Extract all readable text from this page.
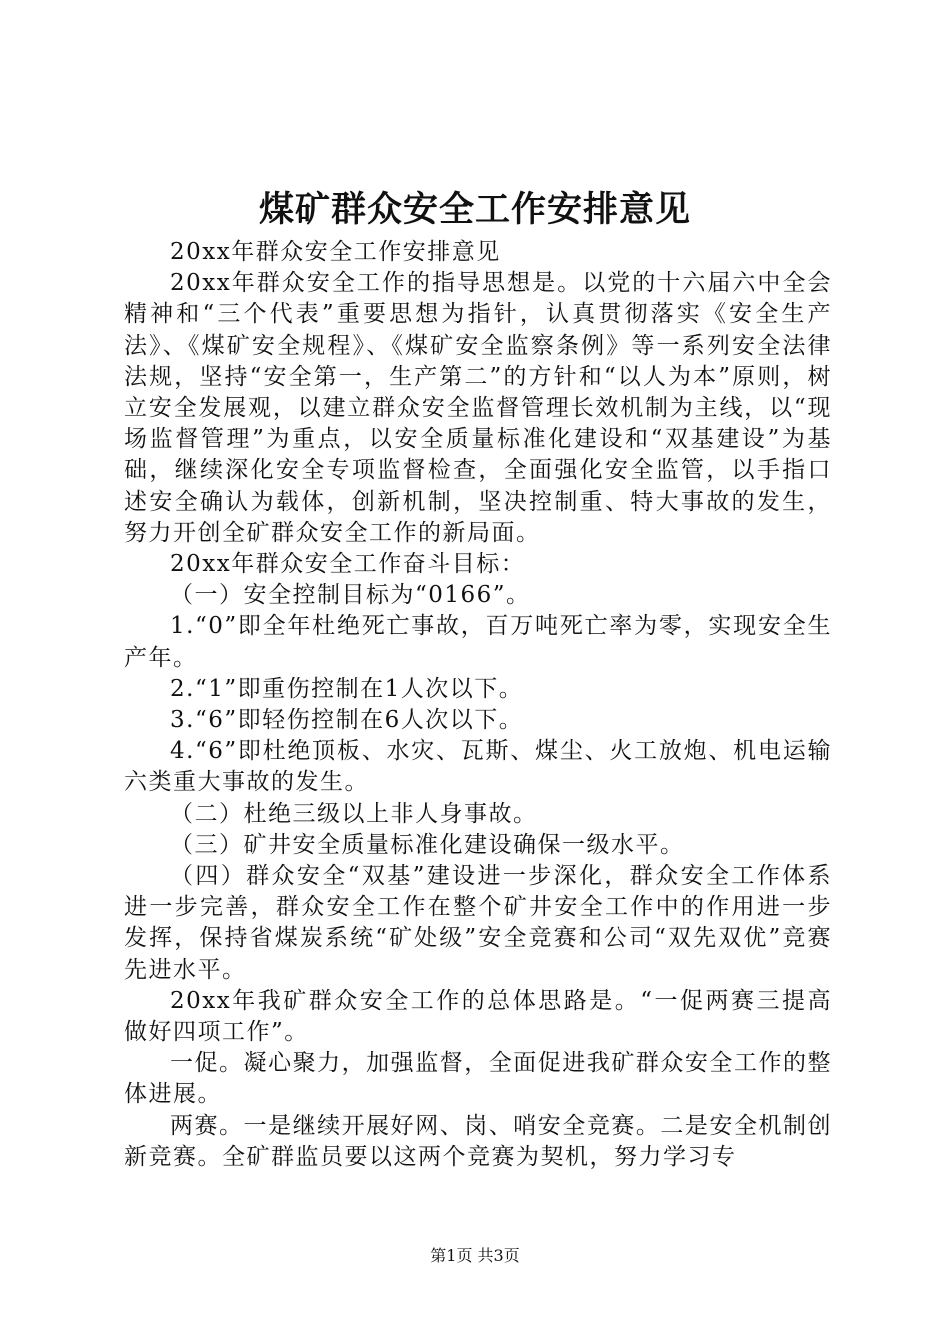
煤矿群众安全工作安排意见

20xx年群众安全工作安排意见

20xx年群众安全工作的指导思想是。以党的十六届六中全会精神和“三个代表”重要思想为指针，认真贯彻落实《安全生产法》、《煤矿安全规程》、《煤矿安全监察条例》等一系列安全法律法规，坚持“安全第一，生产第二”的方针和“以人为本”原则，树立安全发展观，以建立群众安全监督管理长效机制为主线，以“现场监督管理”为重点，以安全质量标准化建设和“双基建设”为基础，继续深化安全专项监督检查，全面强化安全监管，以手指口述安全确认为载体，创新机制，坚决控制重、特大事故的发生，努力开创全矿群众安全工作的新局面。

20xx年群众安全工作奋斗目标：

（一）安全控制目标为“0166”。

1.“0”即全年杜绝死亡事故，百万吨死亡率为零，实现安全生产年。

2.“1”即重伤控制在1人次以下。

3.“6”即轻伤控制在6人次以下。

4.“6”即杜绝顶板、水灾、瓦斯、煤尘、火工放炮、机电运输六类重大事故的发生。

（二）杜绝三级以上非人身事故。

（三）矿井安全质量标准化建设确保一级水平。

（四）群众安全“双基”建设进一步深化，群众安全工作体系进一步完善，群众安全工作在整个矿井安全工作中的作用进一步发挥，保持省煤炭系统“矿处级”安全竞赛和公司“双先双优”竞赛先进水平。

20xx年我矿群众安全工作的总体思路是。“一促两赛三提高做好四项工作”。

一促。凝心聚力，加强监督，全面促进我矿群众安全工作的整体进展。

两赛。一是继续开展好网、岗、哨安全竞赛。二是安全机制创新竞赛。全矿群监员要以这两个竞赛为契机，努力学习专

第1页 共3页
